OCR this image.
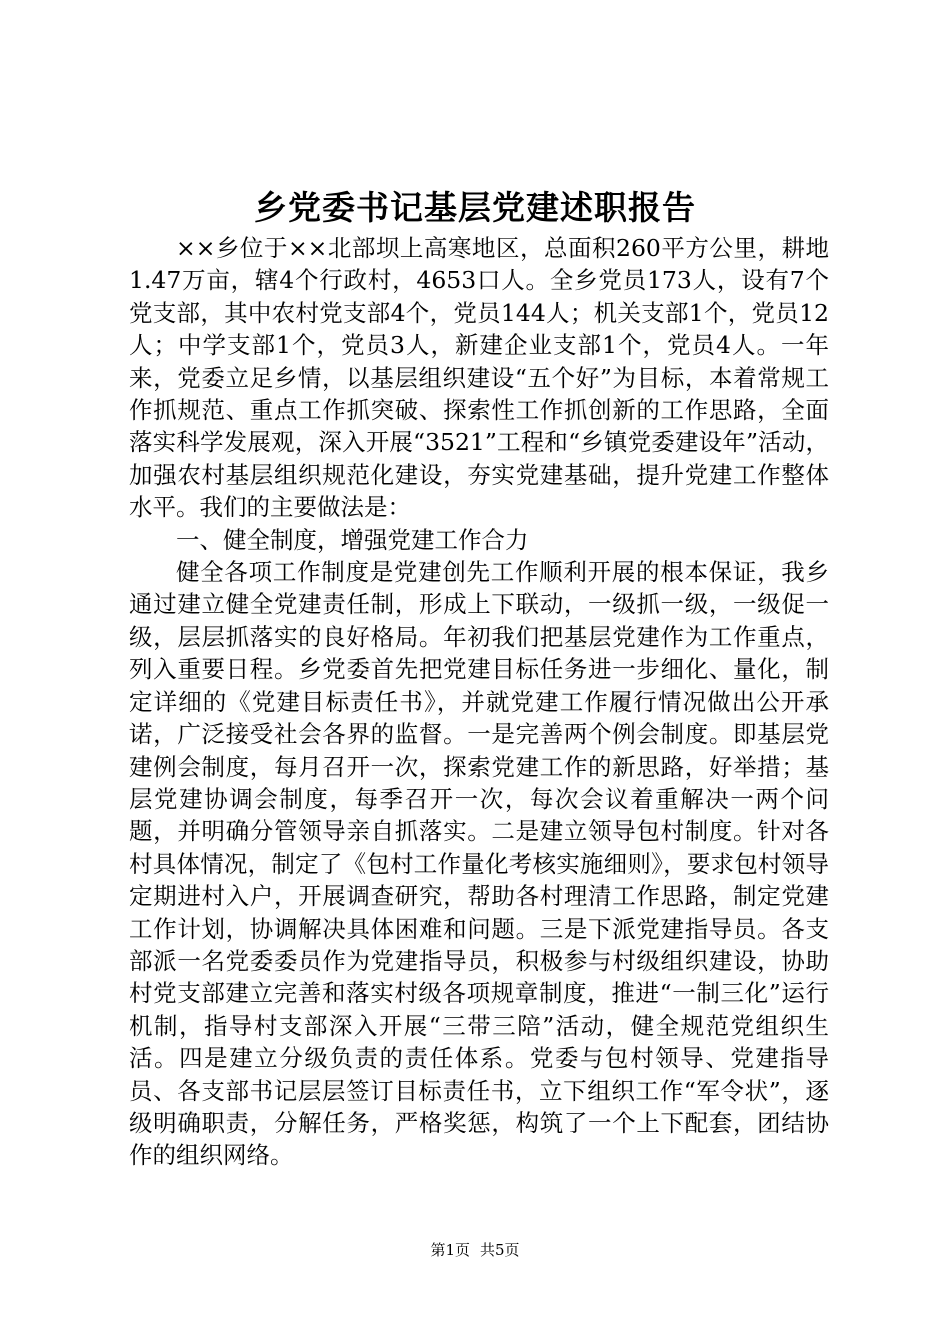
乡党委书记基层党建述职报告

××乡位于××北部坝上高寒地区，总面积260平方公里，耕地1.47万亩，辖4个行政村，4653口人。全乡党员173人，设有7个党支部，其中农村党支部4个，党员144人；机关支部1个，党员12人；中学支部1个，党员3人，新建企业支部1个，党员4人。一年来，党委立足乡情，以基层组织建设“五个好”为目标，本着常规工作抓规范、重点工作抓突破、探索性工作抓创新的工作思路，全面落实科学发展观，深入开展“3521”工程和“乡镇党委建设年”活动，加强农村基层组织规范化建设，夯实党建基础，提升党建工作整体水平。我们的主要做法是：

一、健全制度，增强党建工作合力

健全各项工作制度是党建创先工作顺利开展的根本保证，我乡通过建立健全党建责任制，形成上下联动，一级抓一级，一级促一级，层层抓落实的良好格局。年初我们把基层党建作为工作重点，列入重要日程。乡党委首先把党建目标任务进一步细化、量化，制定详细的《党建目标责任书》，并就党建工作履行情况做出公开承诺，广泛接受社会各界的监督。一是完善两个例会制度。即基层党建例会制度，每月召开一次，探索党建工作的新思路，好举措；基层党建协调会制度，每季召开一次，每次会议着重解决一两个问题，并明确分管领导亲自抓落实。二是建立领导包村制度。针对各村具体情况，制定了《包村工作量化考核实施细则》，要求包村领导定期进村入户，开展调查研究，帮助各村理清工作思路，制定党建工作计划，协调解决具体困难和问题。三是下派党建指导员。各支部派一名党委委员作为党建指导员，积极参与村级组织建设，协助村党支部建立完善和落实村级各项规章制度，推进“一制三化”运行机制，指导村支部深入开展“三带三陪”活动，健全规范党组织生活。四是建立分级负责的责任体系。党委与包村领导、党建指导员、各支部书记层层签订目标责任书，立下组织工作“军令状”，逐级明确职责，分解任务，严格奖惩，构筑了一个上下配套，团结协作的组织网络。

第1页 共5页
